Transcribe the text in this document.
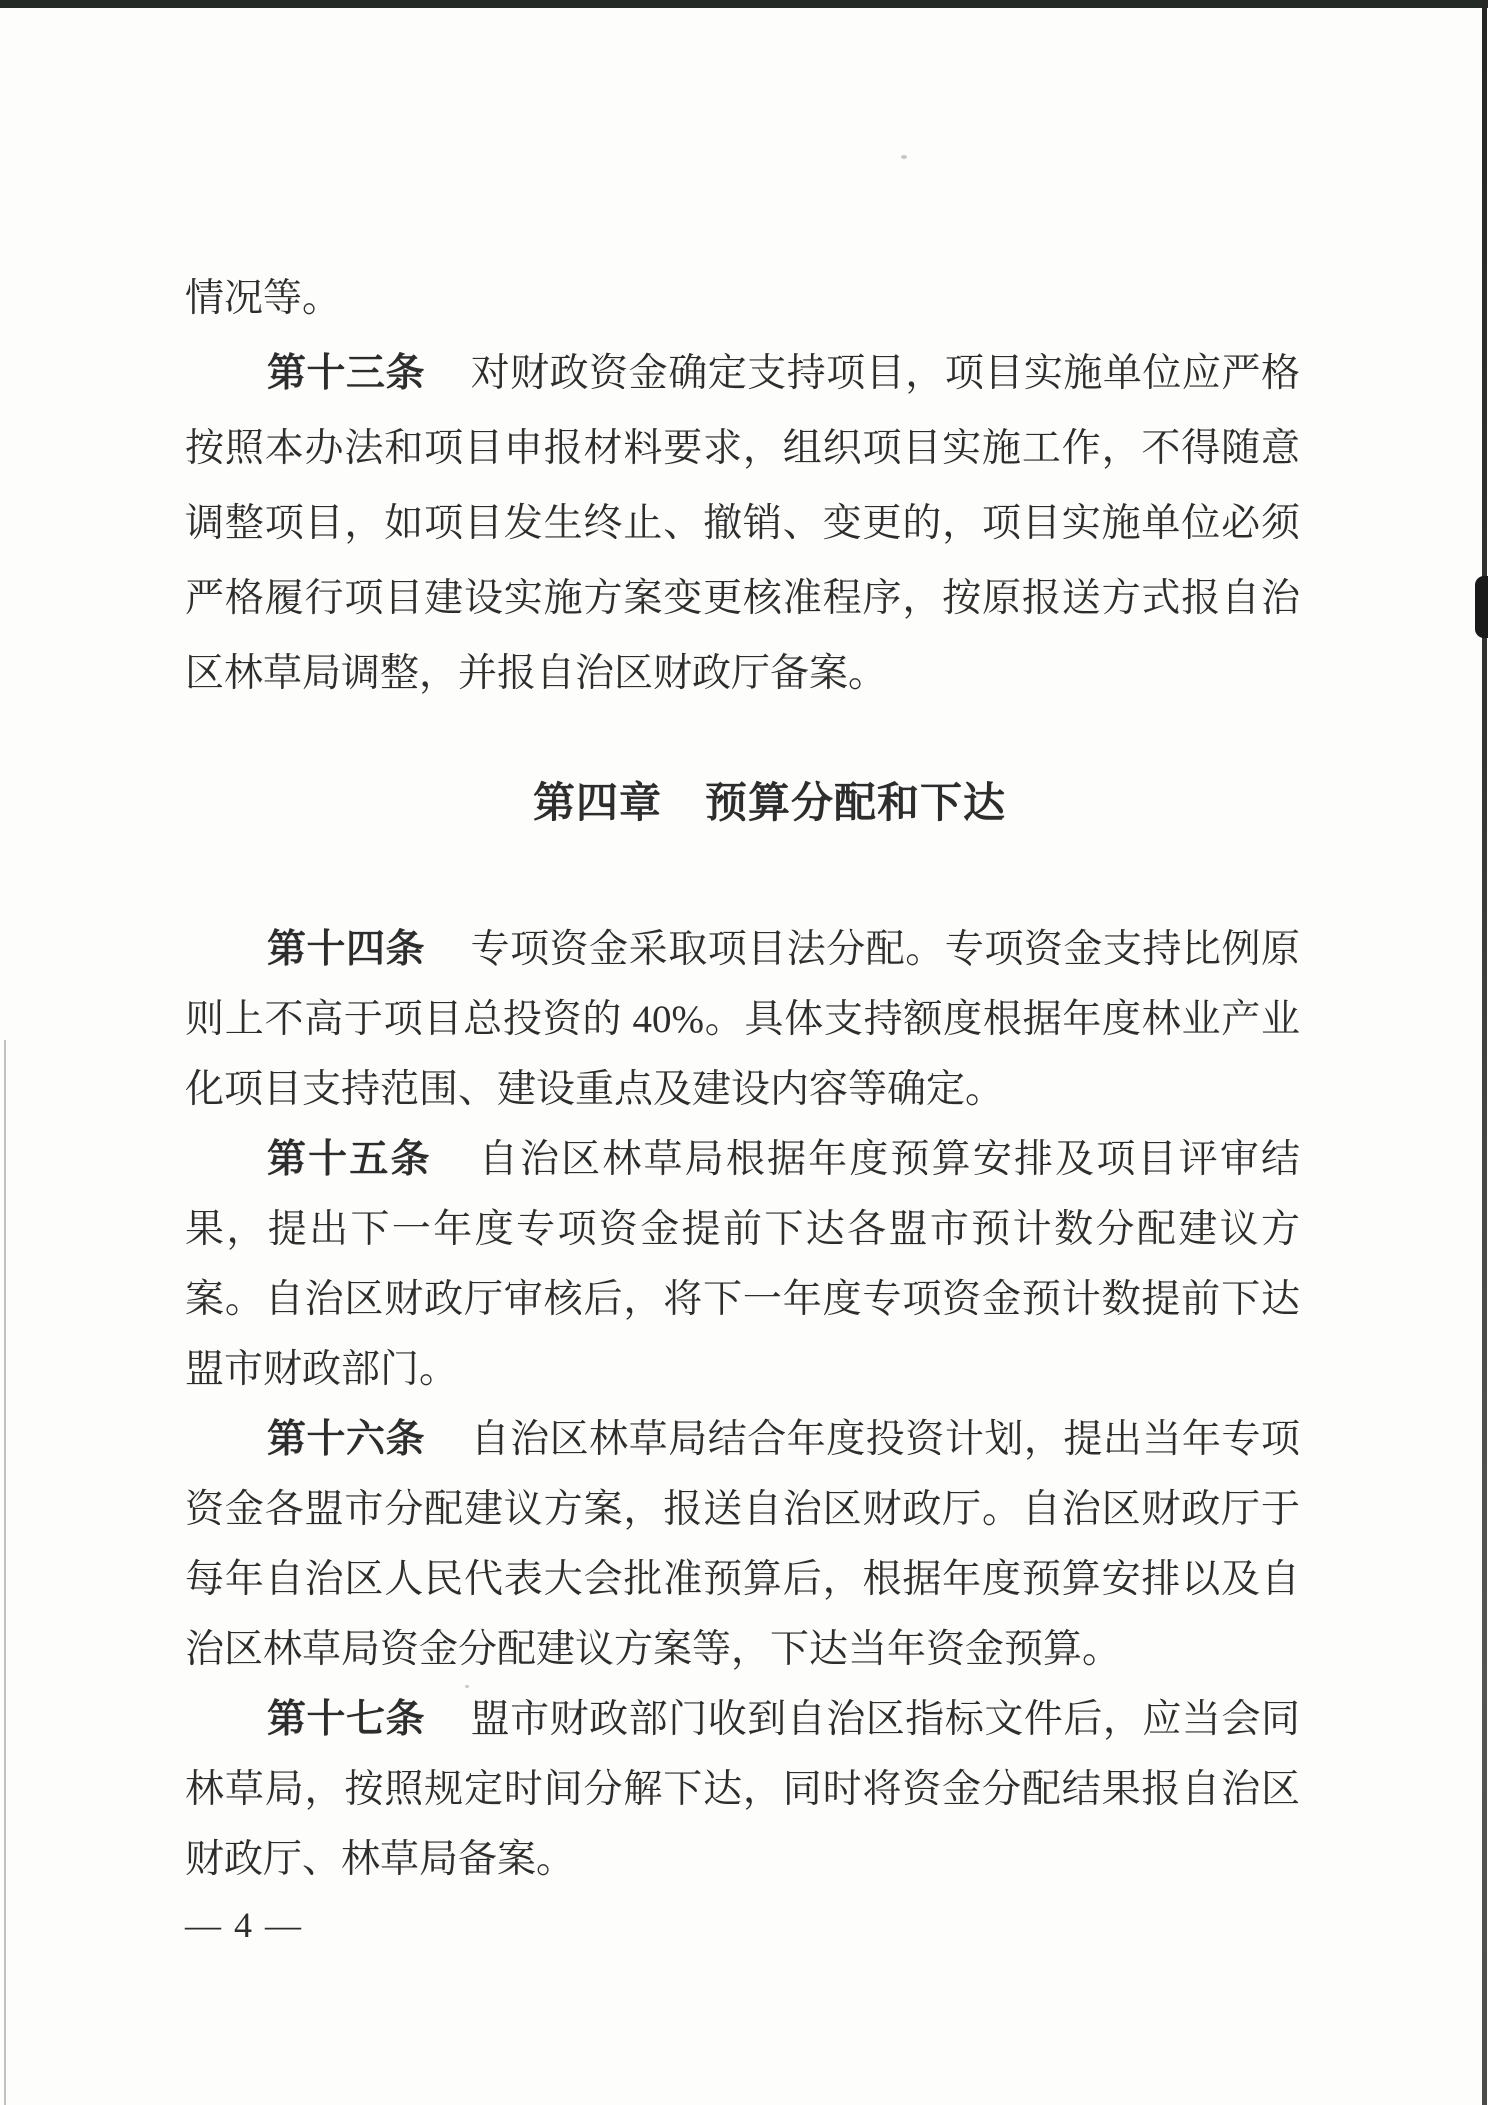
情况等。
第十三条 对财政资金确定支持项目，项目实施单位应严格
按照本办法和项目申报材料要求，组织项目实施工作，不得随意
调整项目，如项目发生终止、撤销、变更的，项目实施单位必须
严格履行项目建设实施方案变更核准程序，按原报送方式报自治
区林草局调整，并报自治区财政厅备案。
第四章　预算分配和下达
第十四条 专项资金采取项目法分配。专项资金支持比例原
则上不高于项目总投资的 40%。具体支持额度根据年度林业产业
化项目支持范围、建设重点及建设内容等确定。
第十五条 自治区林草局根据年度预算安排及项目评审结
果，提出下一年度专项资金提前下达各盟市预计数分配建议方
案。自治区财政厅审核后，将下一年度专项资金预计数提前下达
盟市财政部门。
第十六条 自治区林草局结合年度投资计划，提出当年专项
资金各盟市分配建议方案，报送自治区财政厅。自治区财政厅于
每年自治区人民代表大会批准预算后，根据年度预算安排以及自
治区林草局资金分配建议方案等，下达当年资金预算。
第十七条 盟市财政部门收到自治区指标文件后，应当会同
林草局，按照规定时间分解下达，同时将资金分配结果报自治区
财政厅、林草局备案。
— 4 —
